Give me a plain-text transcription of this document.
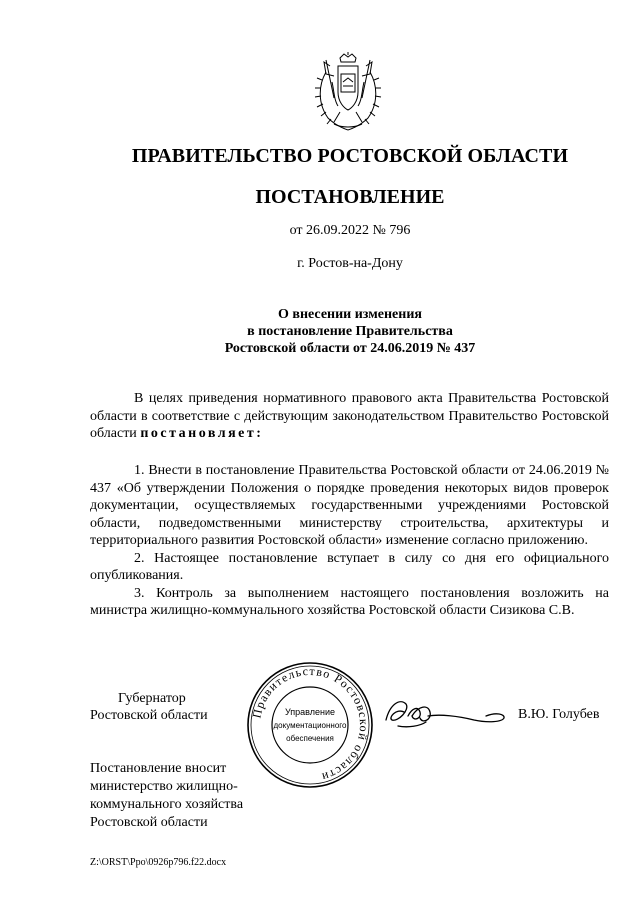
ПРАВИТЕЛЬСТВО РОСТОВСКОЙ ОБЛАСТИ
ПОСТАНОВЛЕНИЕ
от 26.09.2022 № 796
г. Ростов-на-Дону
О внесении изменения
в постановление Правительства
Ростовской области от 24.06.2019 № 437

В целях приведения нормативного правового акта Правительства Ростовской области в соответствие с действующим законодательством Правительство Ростовской области постановляет:

1. Внести в постановление Правительства Ростовской области от 24.06.2019 № 437 «Об утверждении Положения о порядке проведения некоторых видов проверок документации, осуществляемых государственными учреждениями Ростовской области, подведомственными министерству строительства, архитектуры и территориального развития Ростовской области» изменение согласно приложению.

2. Настоящее постановление вступает в силу со дня его официального опубликования.

3. Контроль за выполнением настоящего постановления возложить на министра жилищно-коммунального хозяйства Ростовской области Сизикова С.В.

Губернатор
Ростовской области	Правительство Ростовской области
Управление
документационного
обеспечения
В.Ю. Голубев
Постановление вносит
министерство жилищно-
коммунального хозяйства
Ростовской области
Z:\ORST\Ppo\0926p796.f22.docx
